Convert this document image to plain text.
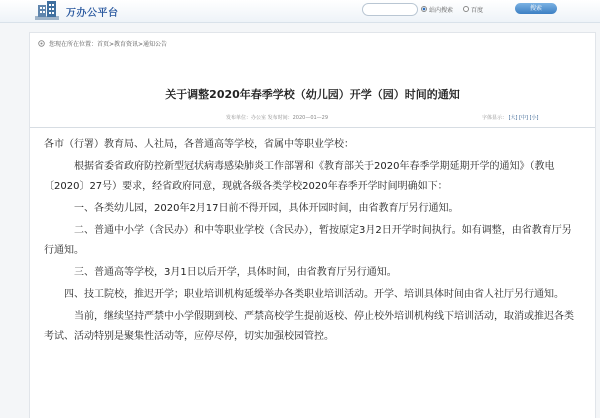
万办公平台	站内搜索	百度	搜索
您现在所在位置：首页>教育资讯>通知公告
关于调整2020年春季学校（幼儿园）开学（园）时间的通知
发布单位：办公室 发布时间：2020—01—29	字体显示： [大] [中] [小]

各市（行署）教育局、人社局，各普通高等学校，省属中等职业学校：

根据省委省政府防控新型冠状病毒感染肺炎工作部署和《教育部关于2020年春季学期延期开学的通知》（教电〔2020〕27号）要求，经省政府同意，现就各级各类学校2020年春季开学时间明确如下：

一、各类幼儿园，2020年2月17日前不得开园，具体开园时间，由省教育厅另行通知。

二、普通中小学（含民办）和中等职业学校（含民办），暂按原定3月2日开学时间执行。如有调整，由省教育厅另行通知。

三、普通高等学校，3月1日以后开学，具体时间，由省教育厅另行通知。

四、技工院校，推迟开学；职业培训机构延缓举办各类职业培训活动。开学、培训具体时间由省人社厅另行通知。

当前，继续坚持严禁中小学假期到校、严禁高校学生提前返校、停止校外培训机构线下培训活动，取消或推迟各类考试、活动特别是聚集性活动等，应停尽停，切实加强校园管控。
